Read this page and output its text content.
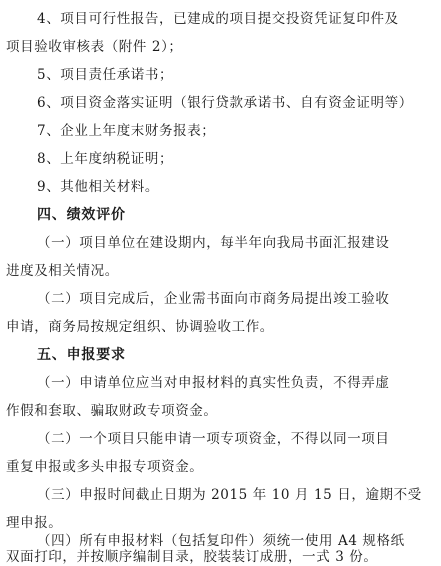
4、项目可行性报告，已建成的项目提交投资凭证复印件及
项目验收审核表（附件 2）；
5、项目责任承诺书；
6、项目资金落实证明（银行贷款承诺书、自有资金证明等）
7、企业上年度末财务报表；
8、上年度纳税证明；
9、其他相关材料。
四、绩效评价
（一）项目单位在建设期内，每半年向我局书面汇报建设
进度及相关情况。
（二）项目完成后，企业需书面向市商务局提出竣工验收
申请，商务局按规定组织、协调验收工作。
五、申报要求
（一）申请单位应当对申报材料的真实性负责，不得弄虚
作假和套取、骗取财政专项资金。
（二）一个项目只能申请一项专项资金，不得以同一项目
重复申报或多头申报专项资金。
（三）申报时间截止日期为 2015 年 10 月 15 日，逾期不受
理申报。
（四）所有申报材料（包括复印件）须统一使用 A4 规格纸
双面打印，并按顺序编制目录，胶装装订成册，一式 3 份。
